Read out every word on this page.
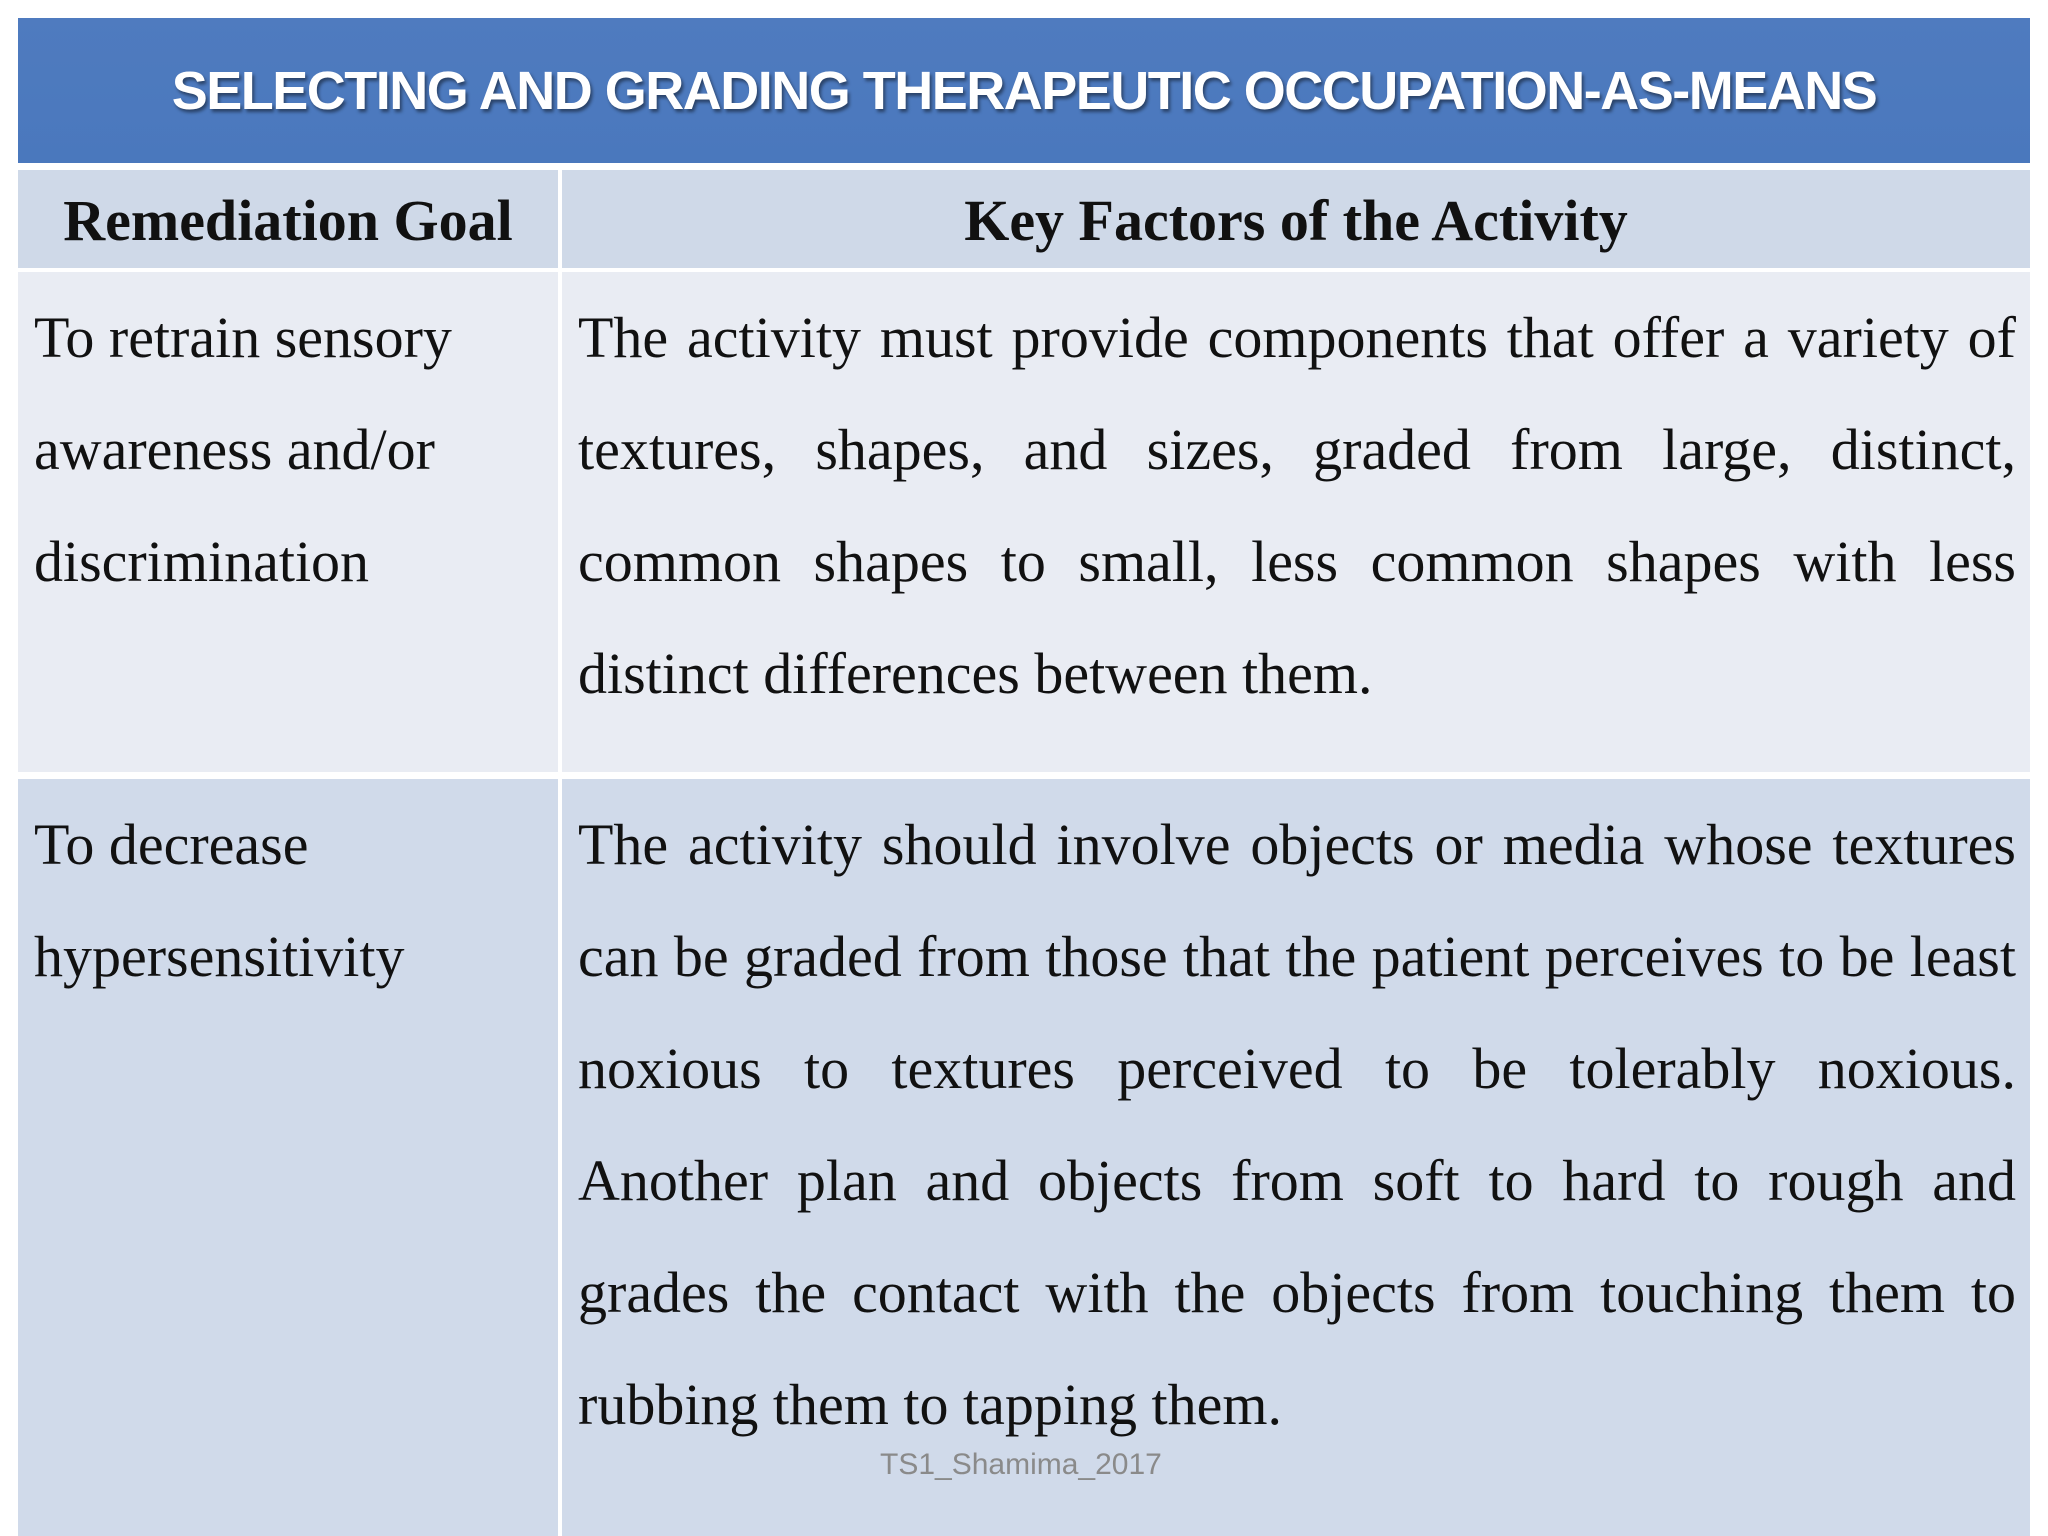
SELECTING AND GRADING THERAPEUTIC OCCUPATION-AS-MEANS
Remediation Goal	Key Factors of the Activity
To retrain sensory awareness and/or discrimination
The activity must provide components that offer a variety of textures, shapes, and sizes, graded from large, distinct, common shapes to small, less common shapes with less distinct differences between them.
To decrease hypersensitivity
The activity should involve objects or media whose textures can be graded from those that the patient perceives to be least noxious to textures perceived to be tolerably noxious. Another plan and objects from soft to hard to rough and grades the contact with the objects from touching them to rubbing them to tapping them.
TS1_Shamima_2017
